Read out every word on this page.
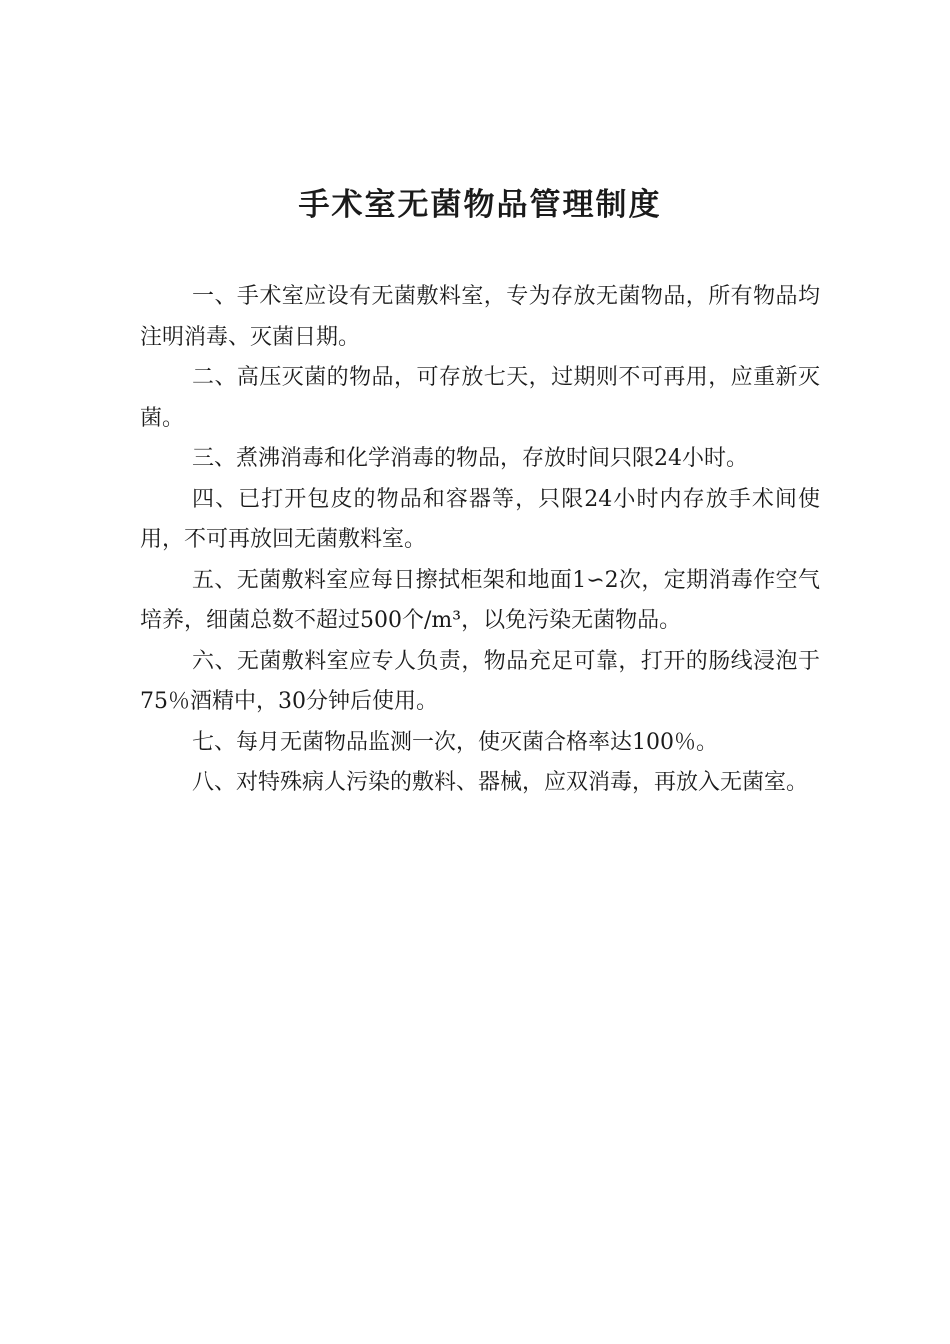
手术室无菌物品管理制度

一、手术室应设有无菌敷料室，专为存放无菌物品，所有物品均注明消毒、灭菌日期。

二、高压灭菌的物品，可存放七天，过期则不可再用，应重新灭菌。

三、煮沸消毒和化学消毒的物品，存放时间只限24小时。

四、已打开包皮的物品和容器等，只限24小时内存放手术间使用，不可再放回无菌敷料室。

五、无菌敷料室应每日擦拭柜架和地面1∽2次，定期消毒作空气培养，细菌总数不超过500个/m³，以免污染无菌物品。

六、无菌敷料室应专人负责，物品充足可靠，打开的肠线浸泡于75％酒精中，30分钟后使用。

七、每月无菌物品监测一次，使灭菌合格率达100％。

八、对特殊病人污染的敷料、器械，应双消毒，再放入无菌室。
